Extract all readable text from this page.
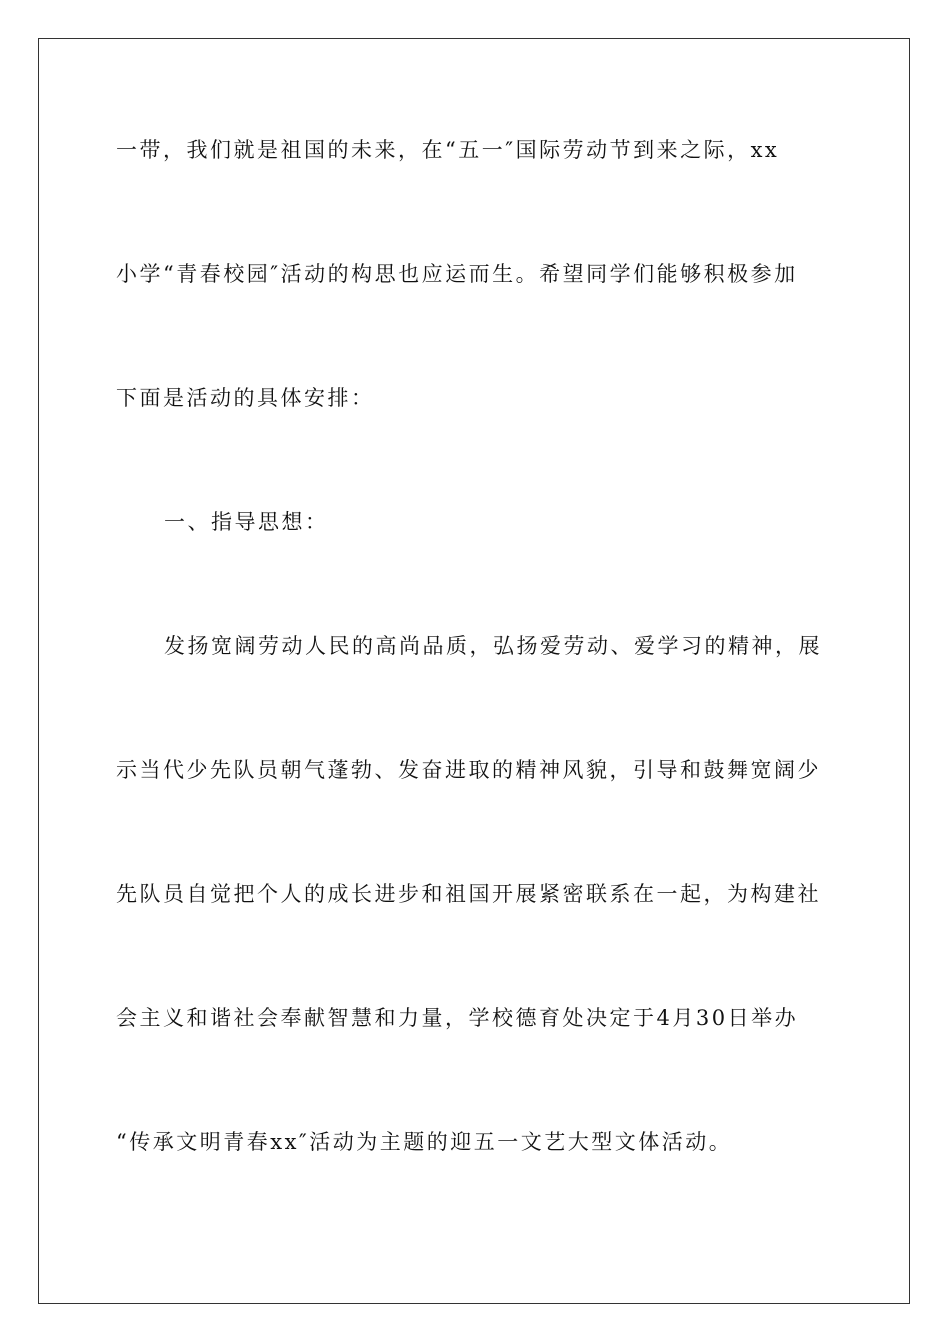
一带，我们就是祖国的未来，在“五一″国际劳动节到来之际，xx
小学“青春校园″活动的构思也应运而生。希望同学们能够积极参加
下面是活动的具体安排：
一、指导思想：
发扬宽阔劳动人民的高尚品质，弘扬爱劳动、爱学习的精神，展
示当代少先队员朝气蓬勃、发奋进取的精神风貌，引导和鼓舞宽阔少
先队员自觉把个人的成长进步和祖国开展紧密联系在一起，为构建社
会主义和谐社会奉献智慧和力量，学校德育处决定于4月30日举办
“传承文明青春xx″活动为主题的迎五一文艺大型文体活动。
